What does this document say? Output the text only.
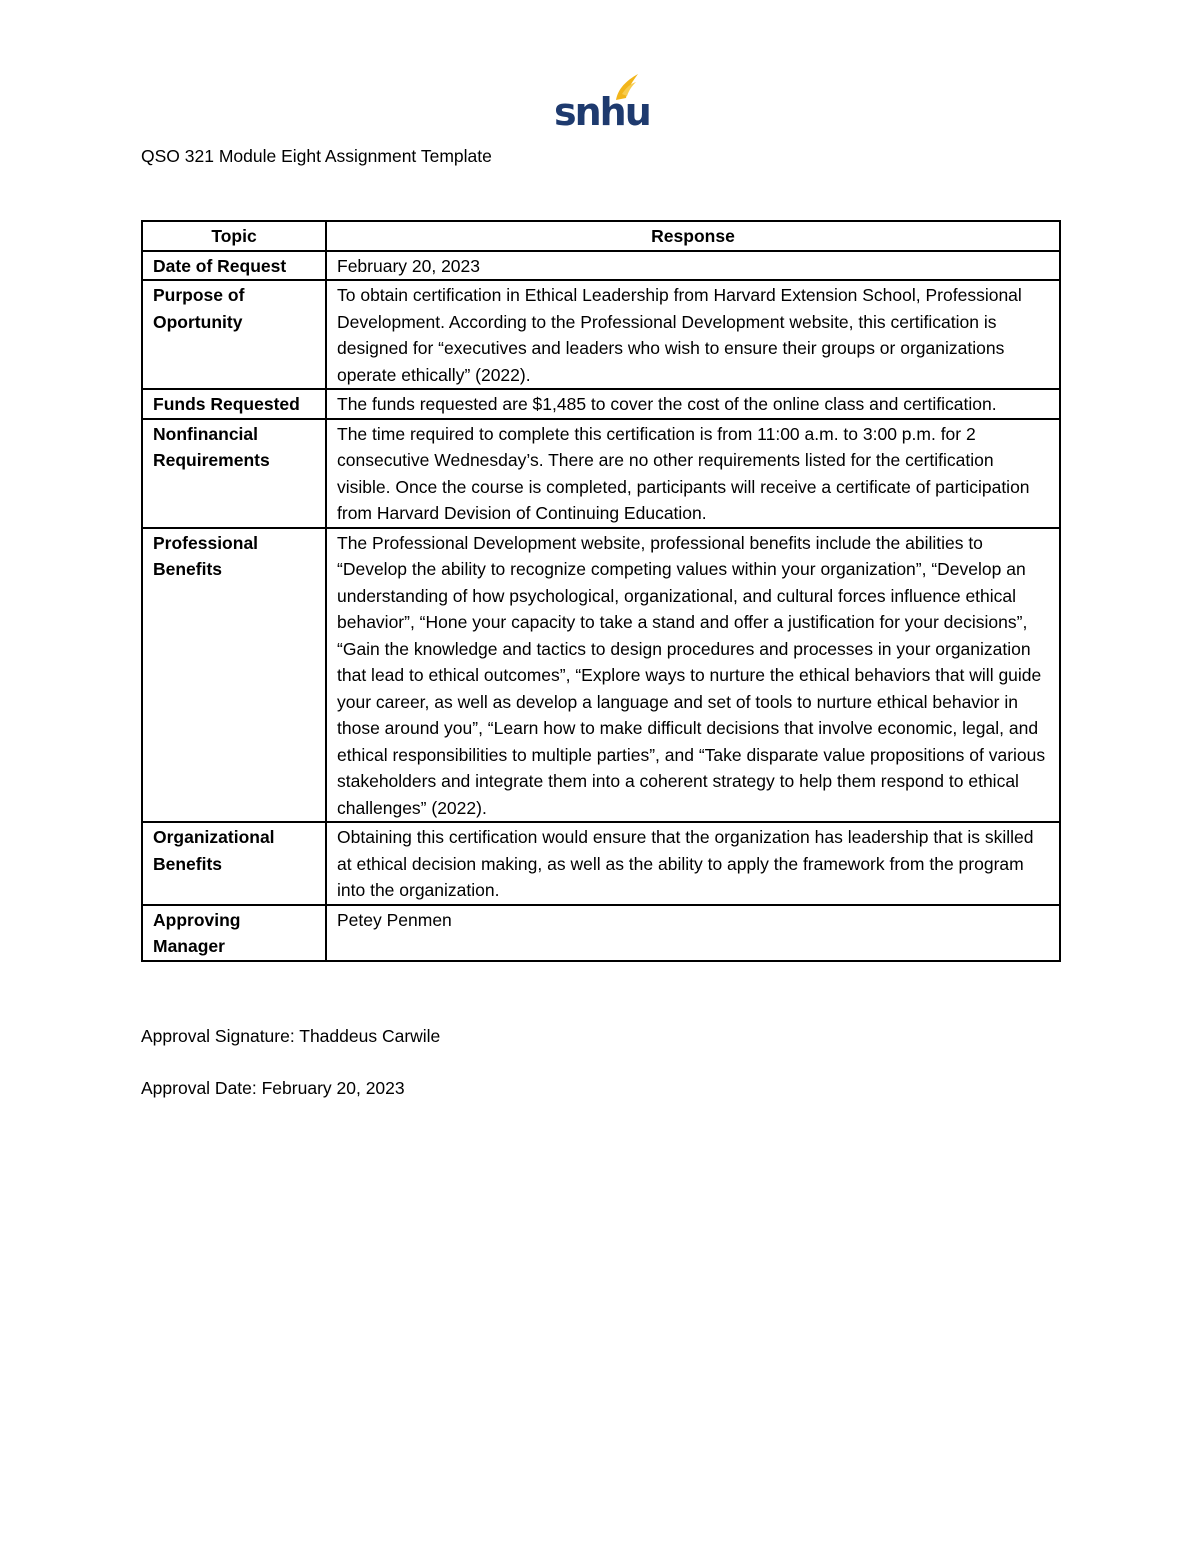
snhu
QSO 321 Module Eight Assignment Template
Topic	Response
Date of Request	February 20, 2023
Purpose of Oportunity	To obtain certification in Ethical Leadership from Harvard Extension School, Professional Development. According to the Professional Development website, this certification is designed for “executives and leaders who wish to ensure their groups or organizations operate ethically” (2022).
Funds Requested	The funds requested are $1,485 to cover the cost of the online class and certification.
Nonfinancial Requirements	The time required to complete this certification is from 11:00 a.m. to 3:00 p.m. for 2 consecutive Wednesday’s. There are no other requirements listed for the certification visible. Once the course is completed, participants will receive a certificate of participation from Harvard Devision of Continuing Education.
Professional Benefits	The Professional Development website, professional benefits include the abilities to “Develop the ability to recognize competing values within your organization”, “Develop an understanding of how psychological, organizational, and cultural forces influence ethical behavior”, “Hone your capacity to take a stand and offer a justification for your decisions”, “Gain the knowledge and tactics to design procedures and processes in your organization that lead to ethical outcomes”, “Explore ways to nurture the ethical behaviors that will guide your career, as well as develop a language and set of tools to nurture ethical behavior in those around you”, “Learn how to make difficult decisions that involve economic, legal, and ethical responsibilities to multiple parties”, and “Take disparate value propositions of various stakeholders and integrate them into a coherent strategy to help them respond to ethical challenges” (2022).
Organizational Benefits	Obtaining this certification would ensure that the organization has leadership that is skilled at ethical decision making, as well as the ability to apply the framework from the program into the organization.
Approving Manager	Petey Penmen
Approval Signature: Thaddeus Carwile
Approval Date: February 20, 2023
